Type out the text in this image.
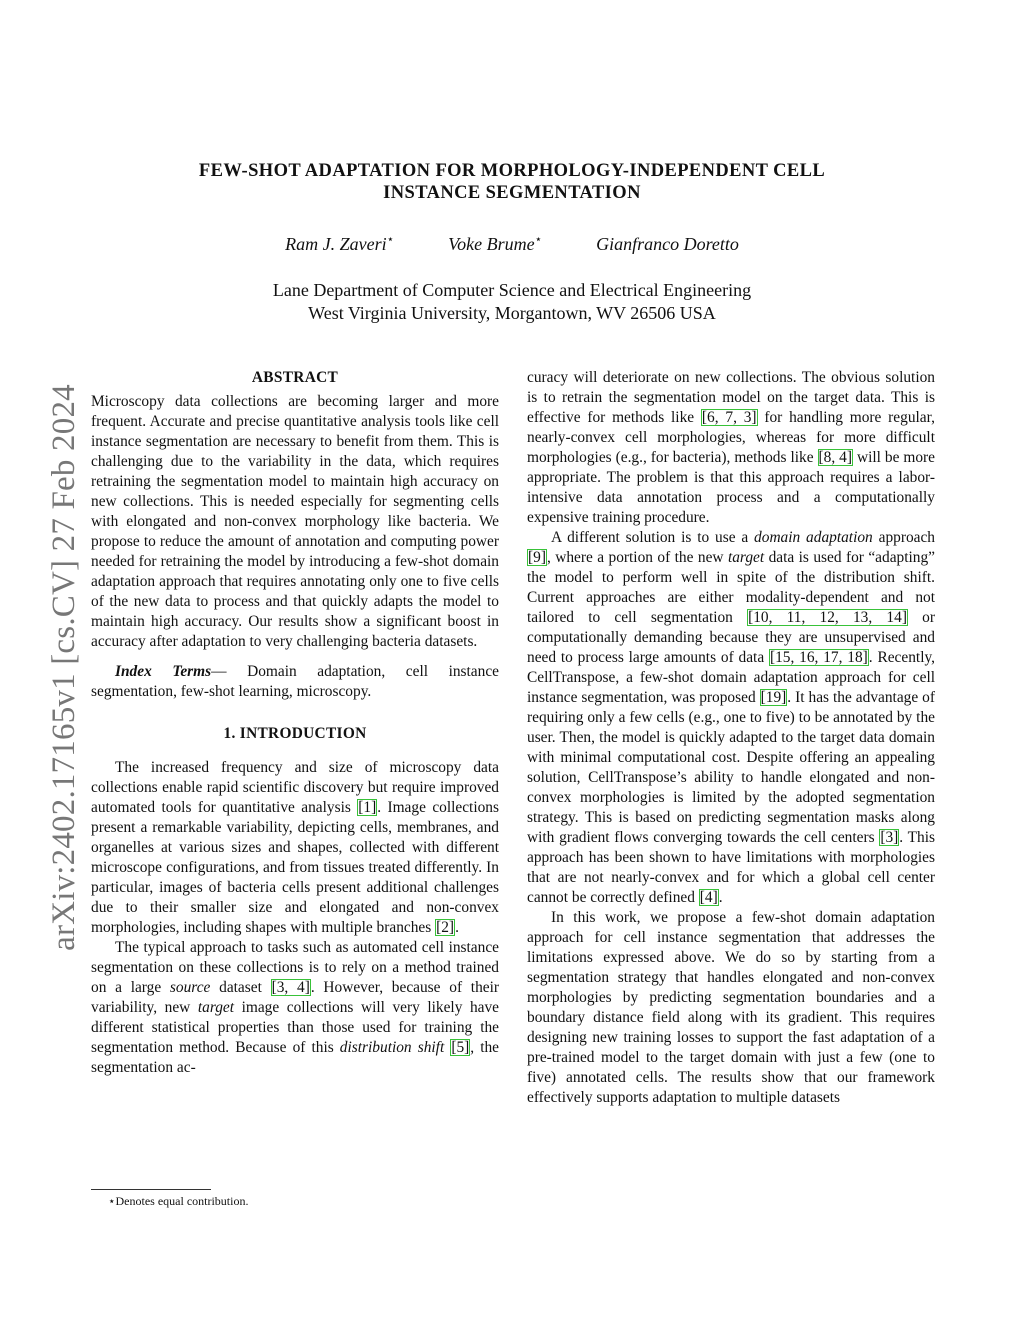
arXiv:2402.17165v1 [cs.CV] 27 Feb 2024
FEW-SHOT ADAPTATION FOR MORPHOLOGY-INDEPENDENT CELL
INSTANCE SEGMENTATION
Ram J. Zaveri⋆	Voke Brume⋆	Gianfranco Doretto
Lane Department of Computer Science and Electrical Engineering
West Virginia University, Morgantown, WV 26506 USA
ABSTRACT

Microscopy data collections are becoming larger and more frequent. Accurate and precise quantitative analysis tools like cell instance segmentation are necessary to benefit from them. This is challenging due to the variability in the data, which requires retraining the segmentation model to maintain high accuracy on new collections. This is needed especially for segmenting cells with elongated and non-convex morphology like bacteria. We propose to reduce the amount of annotation and computing power needed for retraining the model by introducing a few-shot domain adaptation approach that requires annotating only one to five cells of the new data to process and that quickly adapts the model to maintain high accuracy. Our results show a significant boost in accuracy after adaptation to very challenging bacteria datasets.

Index Terms— Domain adaptation, cell instance segmentation, few-shot learning, microscopy.

1. INTRODUCTION

The increased frequency and size of microscopy data collections enable rapid scientific discovery but require improved automated tools for quantitative analysis [1]. Image collections present a remarkable variability, depicting cells, membranes, and organelles at various sizes and shapes, collected with different microscope configurations, and from tissues treated differently. In particular, images of bacteria cells present additional challenges due to their smaller size and elongated and non-convex morphologies, including shapes with multiple branches [2].

The typical approach to tasks such as automated cell instance segmentation on these collections is to rely on a method trained on a large source dataset [3, 4]. However, because of their variability, new target image collections will very likely have different statistical properties than those used for training the segmentation method. Because of this distribution shift [5], the segmentation ac-

curacy will deteriorate on new collections. The obvious solution is to retrain the segmentation model on the target data. This is effective for methods like [6, 7, 3] for handling more regular, nearly-convex cell morphologies, whereas for more difficult morphologies (e.g., for bacteria), methods like [8, 4] will be more appropriate. The problem is that this approach requires a labor-intensive data annotation process and a computationally expensive training procedure.

A different solution is to use a domain adaptation approach [9], where a portion of the new target data is used for “adapting” the model to perform well in spite of the distribution shift. Current approaches are either modality-dependent and not tailored to cell segmentation [10, 11, 12, 13, 14] or computationally demanding because they are unsupervised and need to process large amounts of data [15, 16, 17, 18]. Recently, CellTranspose, a few-shot domain adaptation approach for cell instance segmentation, was proposed [19]. It has the advantage of requiring only a few cells (e.g., one to five) to be annotated by the user. Then, the model is quickly adapted to the target data domain with minimal computational cost. Despite offering an appealing solution, CellTranspose’s ability to handle elongated and non-convex morphologies is limited by the adopted segmentation strategy. This is based on predicting segmentation masks along with gradient flows converging towards the cell centers [3]. This approach has been shown to have limitations with morphologies that are not nearly-convex and for which a global cell center cannot be correctly defined [4].

In this work, we propose a few-shot domain adaptation approach for cell instance segmentation that addresses the limitations expressed above. We do so by starting from a segmentation strategy that handles elongated and non-convex morphologies by predicting segmentation boundaries and a boundary distance field along with its gradient. This requires designing new training losses to support the fast adaptation of a pre-trained model to the target domain with just a few (one to five) annotated cells. The results show that our framework effectively supports adaptation to multiple datasets

⋆Denotes equal contribution.
